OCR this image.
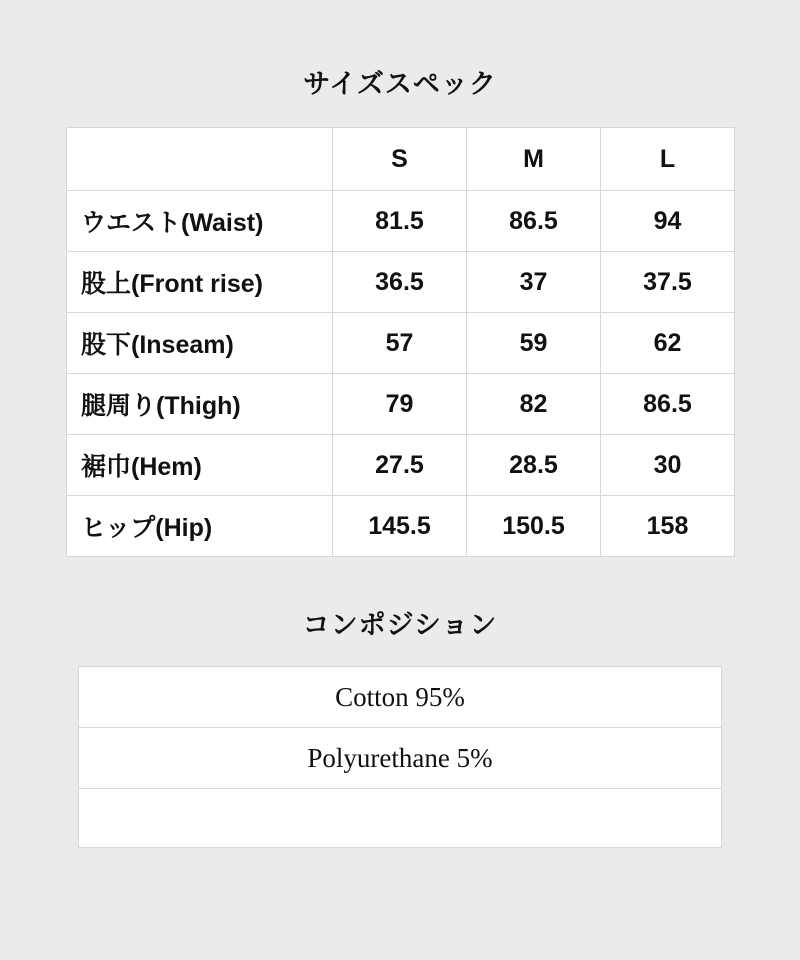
サイズスペック
	S	M	L
ウエスト(Waist)	81.5	86.5	94
股上(Front rise)	36.5	37	37.5
股下(Inseam)	57	59	62
腿周り(Thigh)	79	82	86.5
裾巾(Hem)	27.5	28.5	30
ヒップ(Hip)	145.5	150.5	158
コンポジション
Cotton 95%
Polyurethane 5%
